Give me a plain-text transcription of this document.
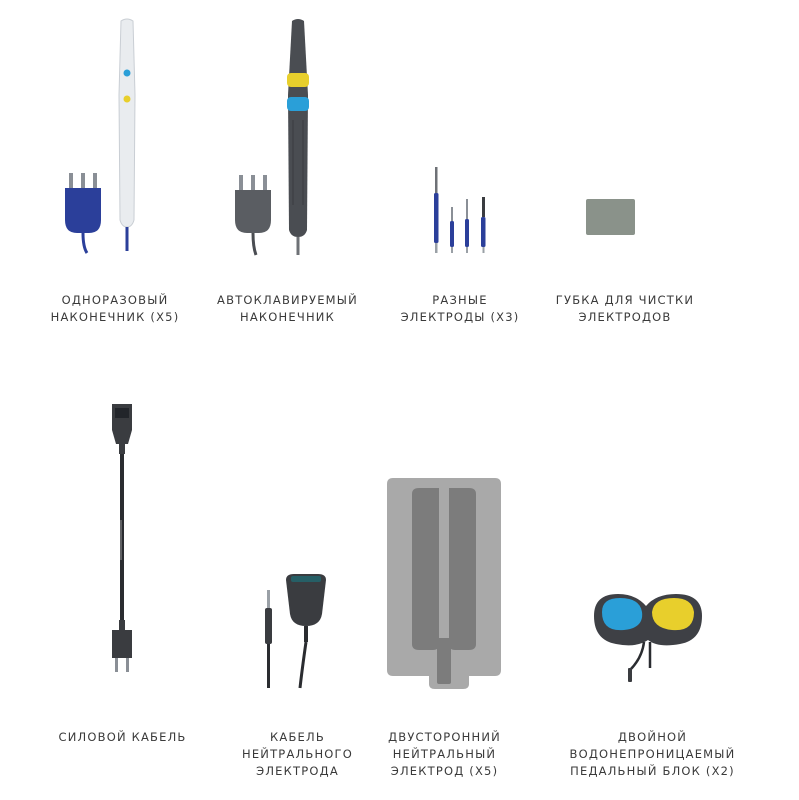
ОДНОРАЗОВЫЙ
НАКОНЕЧНИК (X5)
АВТОКЛАВИРУЕМЫЙ
НАКОНЕЧНИК
РАЗНЫЕ
ЭЛЕКТРОДЫ (X3)
ГУБКА ДЛЯ ЧИСТКИ
ЭЛЕКТРОДОВ
СИЛОВОЙ КАБЕЛЬ	КАБЕЛЬ
НЕЙТРАЛЬНОГО
ЭЛЕКТРОДА
ДВУСТОРОННИЙ
НЕЙТРАЛЬНЫЙ
ЭЛЕКТРОД (X5)
ДВОЙНОЙ
ВОДОНЕПРОНИЦАЕМЫЙ
ПЕДАЛЬНЫЙ БЛОК (X2)
